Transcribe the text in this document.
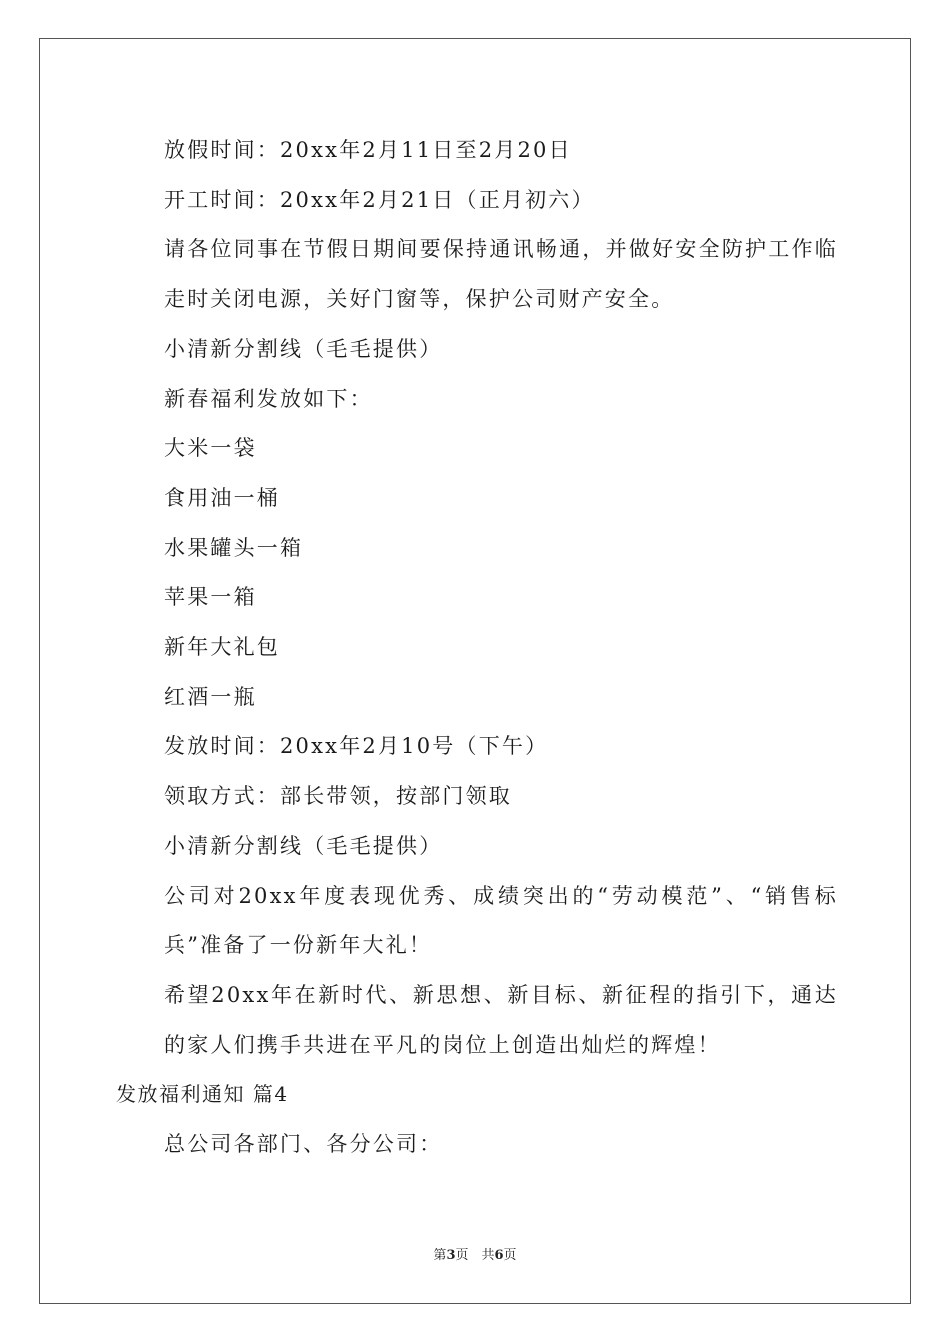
放假时间：20xx年2月11日至2月20日

开工时间：20xx年2月21日（正月初六）

请各位同事在节假日期间要保持通讯畅通，并做好安全防护工作临走时关闭电源，关好门窗等，保护公司财产安全。

小清新分割线（毛毛提供）

新春福利发放如下：

大米一袋

食用油一桶

水果罐头一箱

苹果一箱

新年大礼包

红酒一瓶

发放时间：20xx年2月10号（下午）

领取方式：部长带领，按部门领取

小清新分割线（毛毛提供）

公司对20xx年度表现优秀、成绩突出的“劳动模范”、“销售标兵”准备了一份新年大礼！

希望20xx年在新时代、新思想、新目标、新征程的指引下，通达的家人们携手共进在平凡的岗位上创造出灿烂的辉煌！

发放福利通知 篇4

总公司各部门、各分公司：

第3页　共6页
